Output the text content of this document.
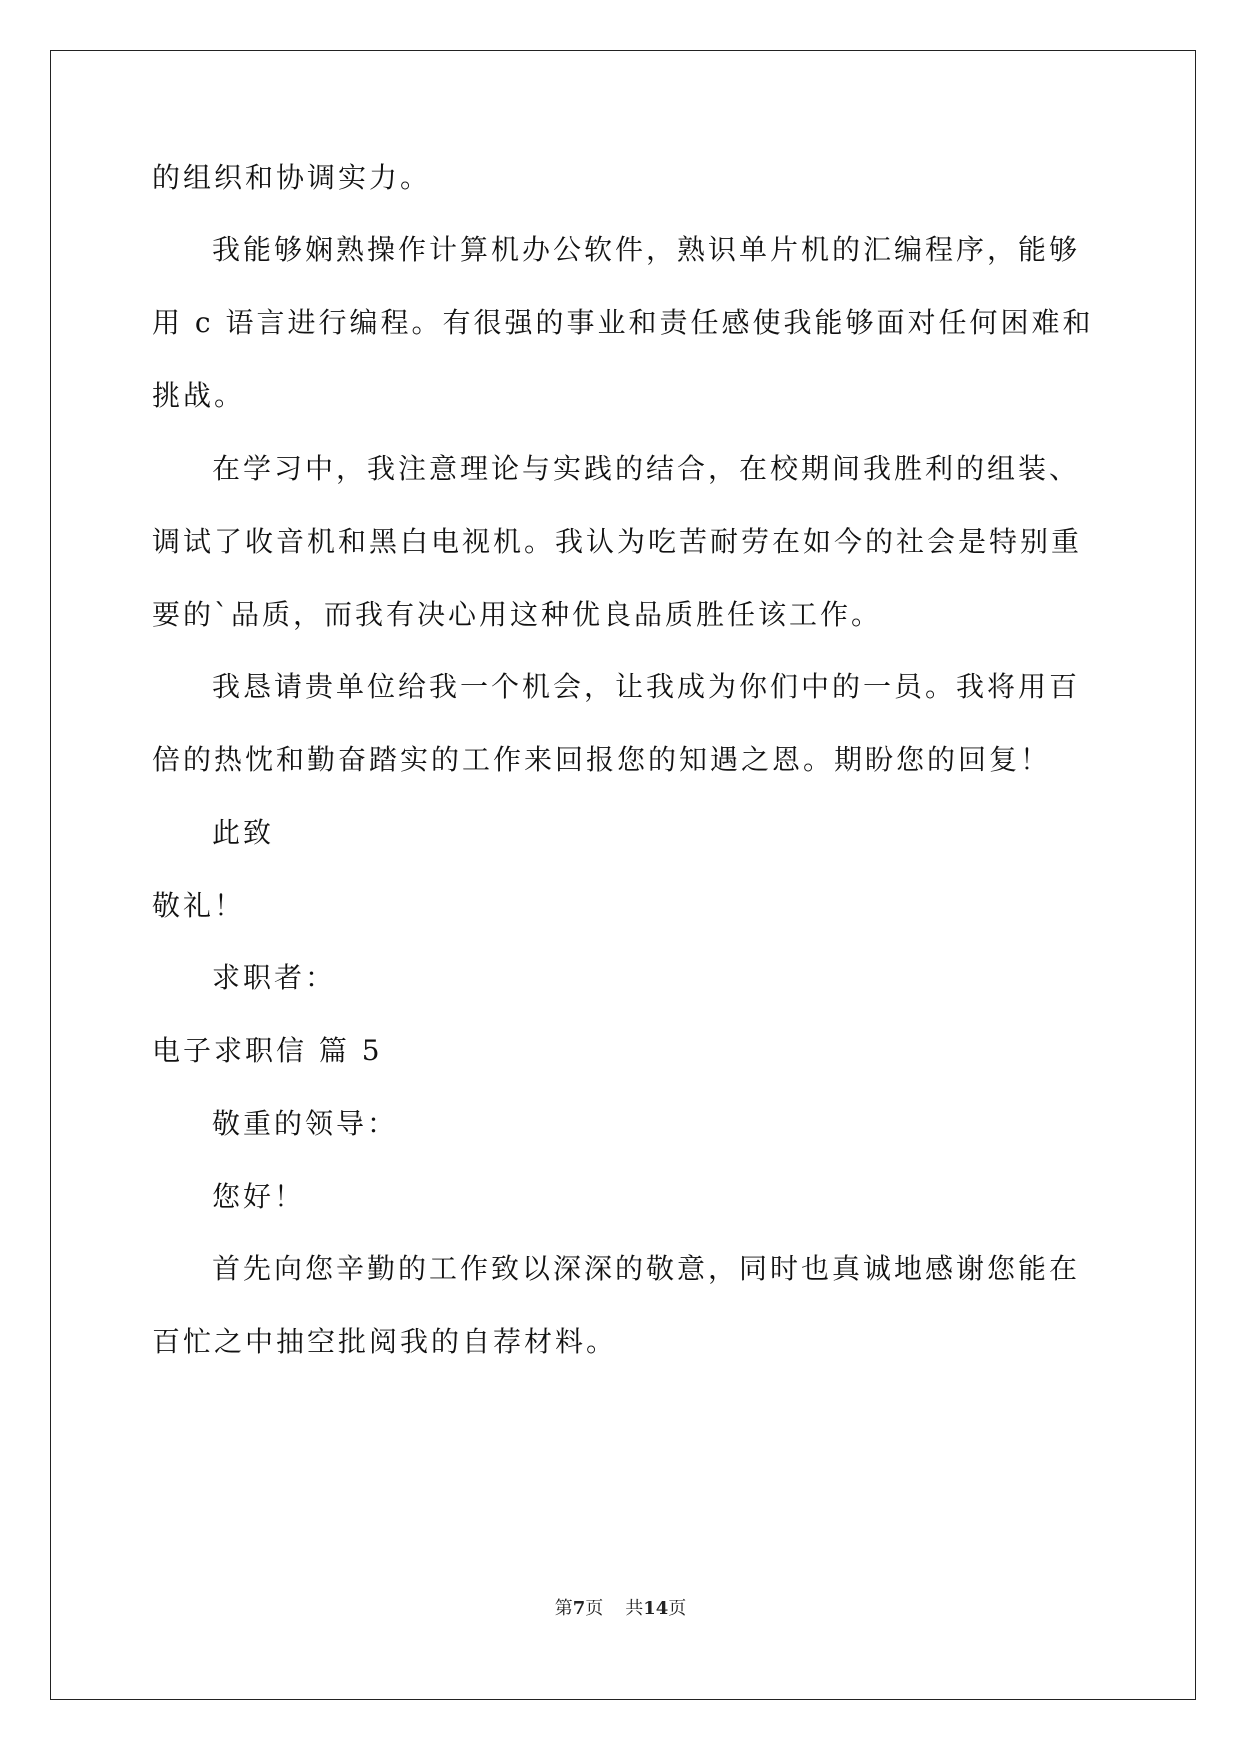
的组织和协调实力。
我能够娴熟操作计算机办公软件，熟识单片机的汇编程序，能够
用 c 语言进行编程。有很强的事业和责任感使我能够面对任何困难和
挑战。
在学习中，我注意理论与实践的结合，在校期间我胜利的组装、
调试了收音机和黑白电视机。我认为吃苦耐劳在如今的社会是特别重
要的`品质，而我有决心用这种优良品质胜任该工作。
我恳请贵单位给我一个机会，让我成为你们中的一员。我将用百
倍的热忱和勤奋踏实的工作来回报您的知遇之恩。期盼您的回复！
此致
敬礼！
求职者：
电子求职信 篇 5
敬重的领导：
您好！
首先向您辛勤的工作致以深深的敬意，同时也真诚地感谢您能在
百忙之中抽空批阅我的自荐材料。
第7页 共14页
